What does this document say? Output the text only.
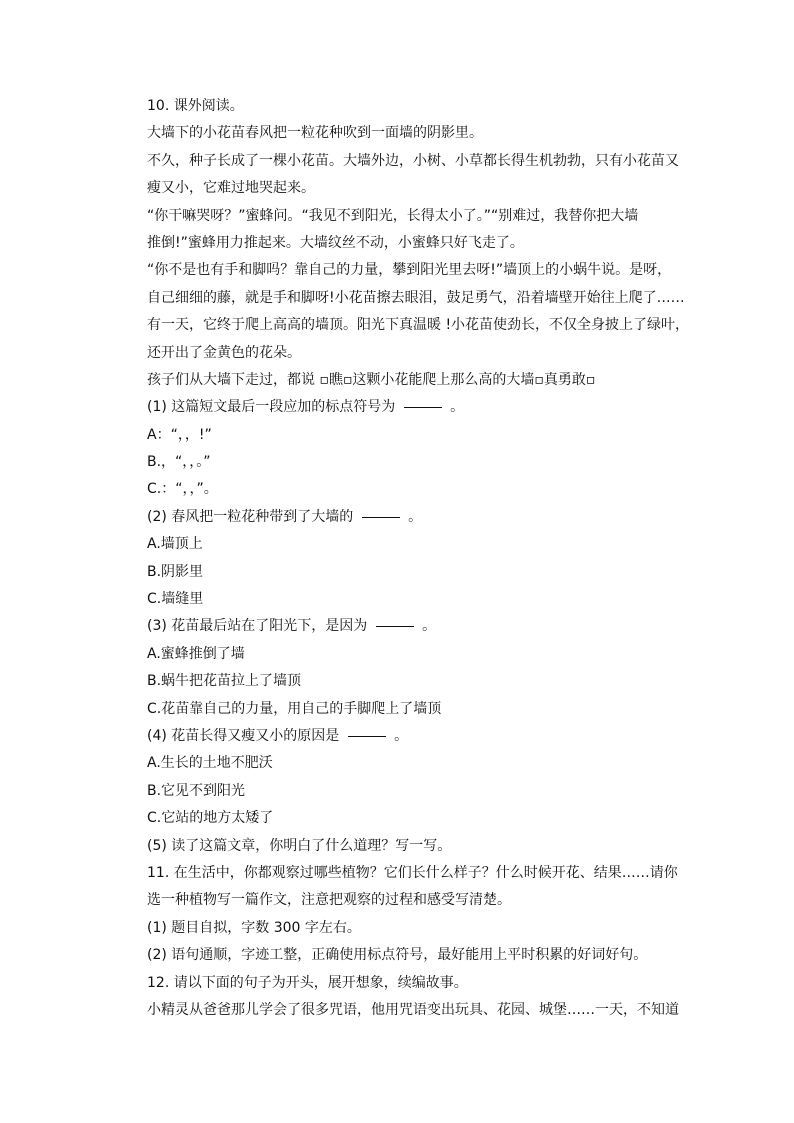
10. 课外阅读。
大墙下的小花苗春风把一粒花种吹到一面墙的阴影里。
不久，种子长成了一棵小花苗。大墙外边，小树、小草都长得生机勃勃，只有小花苗又
瘦又小，它难过地哭起来。
“你干嘛哭呀？”蜜蜂问。“我见不到阳光，长得太小了。”“别难过，我替你把大墙
推倒!”蜜蜂用力推起来。大墙纹丝不动，小蜜蜂只好飞走了。
“你不是也有手和脚吗？靠自己的力量，攀到阳光里去呀!”墙顶上的小蜗牛说。是呀，
自己细细的藤，就是手和脚呀!小花苗擦去眼泪，鼓足勇气，沿着墙壁开始往上爬了……
有一天，它终于爬上高高的墙顶。阳光下真温暖 !小花苗使劲长，不仅全身披上了绿叶，
还开出了金黄色的花朵。
孩子们从大墙下走过，都说 ▫瞧▫这颗小花能爬上那么高的大墙▫真勇敢▫
(1) 这篇短文最后一段应加的标点符号为	。
A：“，，!”
B.，“，，。”
C.：“，，”。
(2) 春风把一粒花种带到了大墙的	。
A.墙顶上
B.阴影里
C.墙缝里
(3) 花苗最后站在了阳光下，是因为	。
A.蜜蜂推倒了墙
B.蜗牛把花苗拉上了墙顶
C.花苗靠自己的力量，用自己的手脚爬上了墙顶
(4) 花苗长得又瘦又小的原因是	。
A.生长的土地不肥沃
B.它见不到阳光
C.它站的地方太矮了
(5) 读了这篇文章，你明白了什么道理？写一写。
11. 在生活中，你都观察过哪些植物？它们长什么样子？什么时候开花、结果……请你
选一种植物写一篇作文，注意把观察的过程和感受写清楚。
(1) 题目自拟，字数 300 字左右。
(2) 语句通顺，字迹工整，正确使用标点符号，最好能用上平时积累的好词好句。
12. 请以下面的句子为开头，展开想象，续编故事。
小精灵从爸爸那儿学会了很多咒语，他用咒语变出玩具、花园、城堡……一天，不知道
